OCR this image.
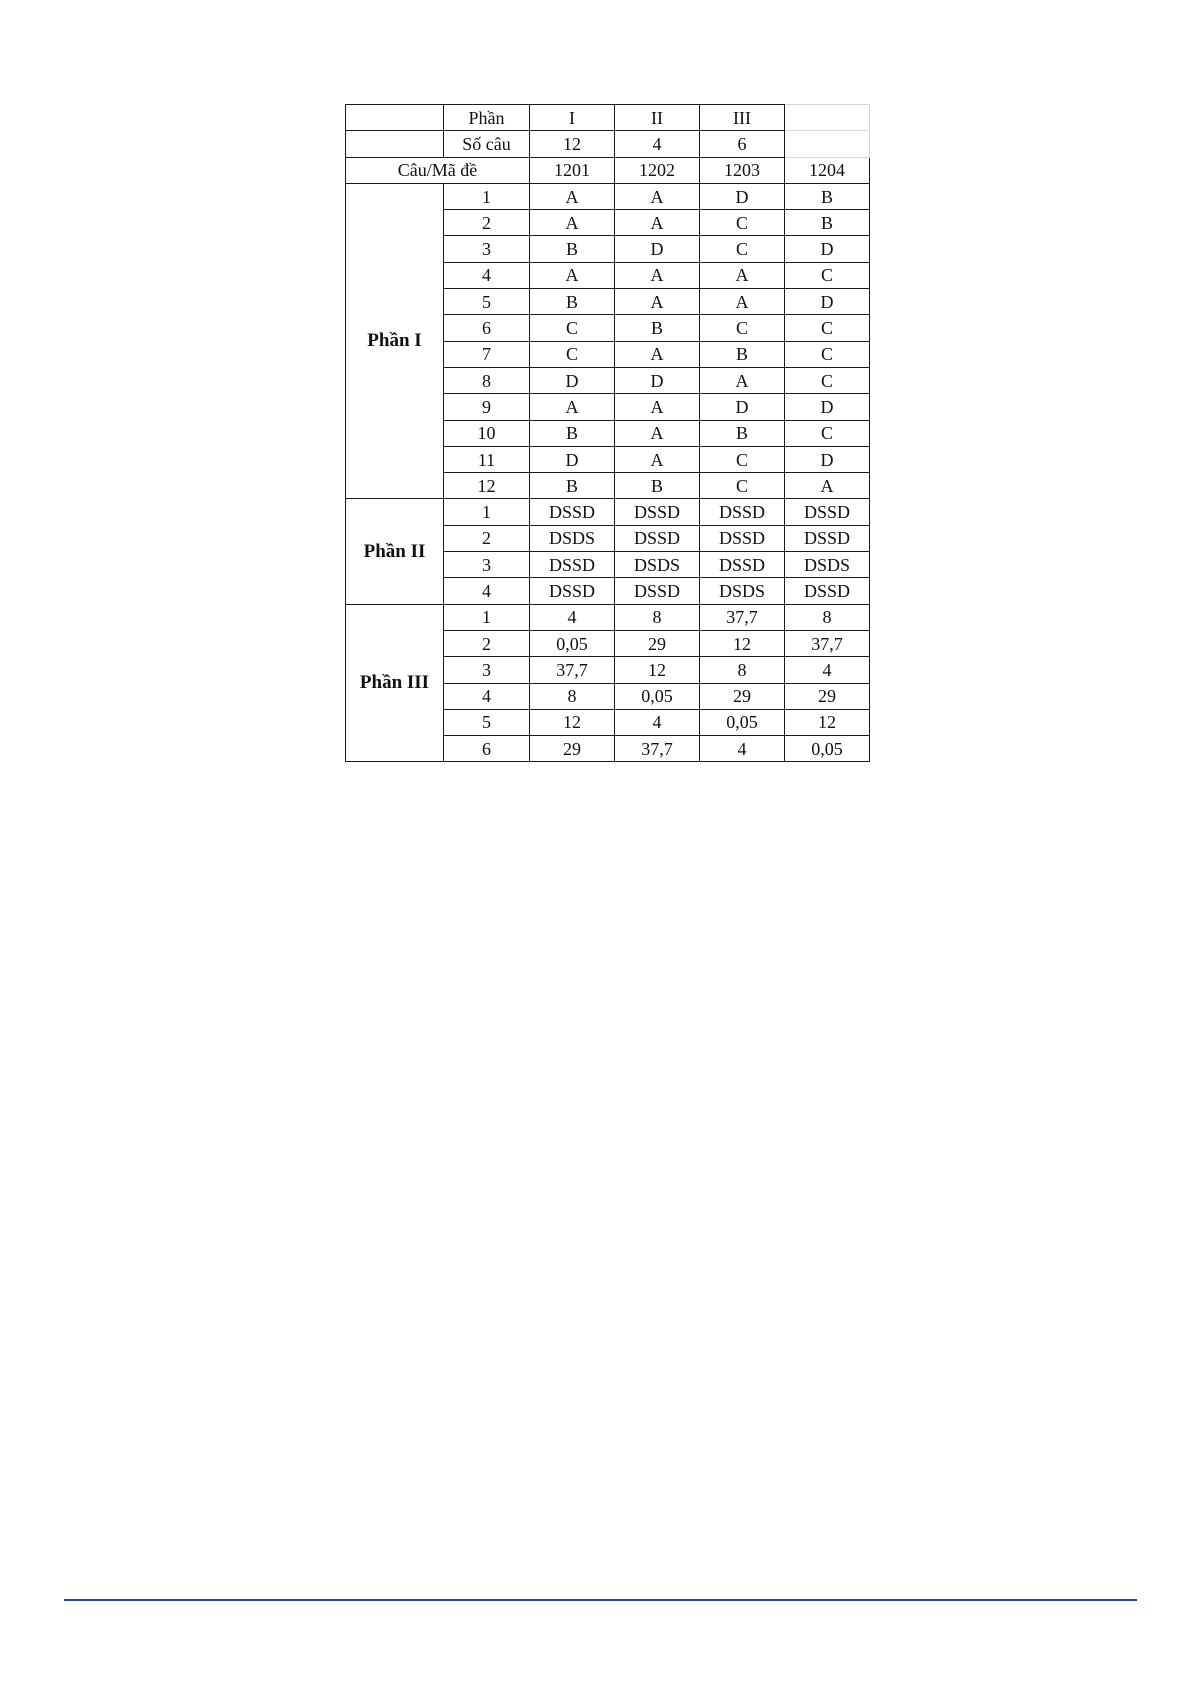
	Phần	I	II	III	
	Số câu	12	4	6	
Câu/Mã đề		1201	1202	1203	1204
Phần I	1	A	A	D	B
	2	A	A	C	B
	3	B	D	C	D
	4	A	A	A	C
	5	B	A	A	D
	6	C	B	C	C
	7	C	A	B	C
	8	D	D	A	C
	9	A	A	D	D
	10	B	A	B	C
	11	D	A	C	D
	12	B	B	C	A
Phần II	1	DSSD	DSSD	DSSD	DSSD
	2	DSDS	DSSD	DSSD	DSSD
	3	DSSD	DSDS	DSSD	DSDS
	4	DSSD	DSSD	DSDS	DSSD
Phần III	1	4	8	37,7	8
	2	0,05	29	12	37,7
	3	37,7	12	8	4
	4	8	0,05	29	29
	5	12	4	0,05	12
	6	29	37,7	4	0,05
